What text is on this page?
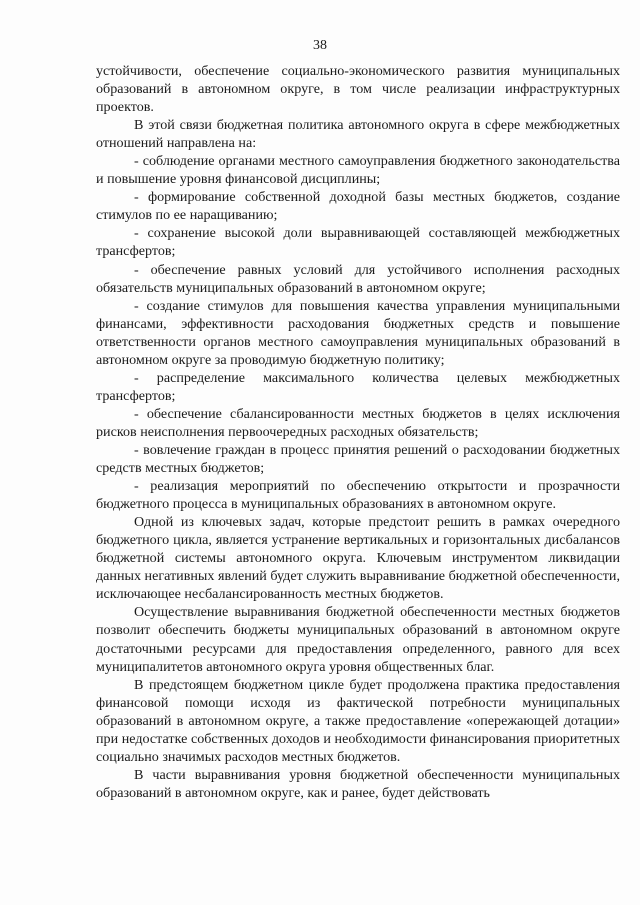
38

устойчивости, обеспечение социально-экономического развития муниципальных образований в автономном округе, в том числе реализации инфраструктурных проектов.

В этой связи бюджетная политика автономного округа в сфере межбюджетных отношений направлена на:

- соблюдение органами местного самоуправления бюджетного законодательства и повышение уровня финансовой дисциплины;

- формирование собственной доходной базы местных бюджетов, создание стимулов по ее наращиванию;

- сохранение высокой доли выравнивающей составляющей межбюджетных трансфертов;

- обеспечение равных условий для устойчивого исполнения расходных обязательств муниципальных образований в автономном округе;

- создание стимулов для повышения качества управления муниципальными финансами, эффективности расходования бюджетных средств и повышение ответственности органов местного самоуправления муниципальных образований в автономном округе за проводимую бюджетную политику;

- распределение максимального количества целевых межбюджетных трансфертов;

- обеспечение сбалансированности местных бюджетов в целях исключения рисков неисполнения первоочередных расходных обязательств;

- вовлечение граждан в процесс принятия решений о расходовании бюджетных средств местных бюджетов;

- реализация мероприятий по обеспечению открытости и прозрачности бюджетного процесса в муниципальных образованиях в автономном округе.

Одной из ключевых задач, которые предстоит решить в рамках очередного бюджетного цикла, является устранение вертикальных и горизонтальных дисбалансов бюджетной системы автономного округа. Ключевым инструментом ликвидации данных негативных явлений будет служить выравнивание бюджетной обеспеченности, исключающее несбалансированность местных бюджетов.

Осуществление выравнивания бюджетной обеспеченности местных бюджетов позволит обеспечить бюджеты муниципальных образований в автономном округе достаточными ресурсами для предоставления определенного, равного для всех муниципалитетов автономного округа уровня общественных благ.

В предстоящем бюджетном цикле будет продолжена практика предоставления финансовой помощи исходя из фактической потребности муниципальных образований в автономном округе, а также предоставление «опережающей дотации» при недостатке собственных доходов и необходимости финансирования приоритетных социально значимых расходов местных бюджетов.

В части выравнивания уровня бюджетной обеспеченности муниципальных образований в автономном округе, как и ранее, будет действовать
